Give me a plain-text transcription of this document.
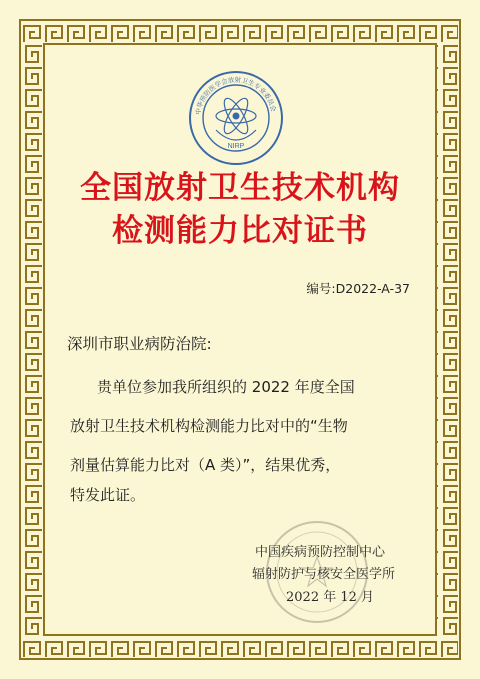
NIRP
中华预防医学会放射卫生专业委员会
全国放射卫生技术机构
检测能力比对证书
编号:D2022-A-37
深圳市职业病防治院:
贵单位参加我所组织的 2022 年度全国
放射卫生技术机构检测能力比对中的“生物
剂量估算能力比对（A 类）”，结果优秀，
特发此证。
中国疾病预防控制中心
辐射防护与核安全医学所
2022 年 12 月
